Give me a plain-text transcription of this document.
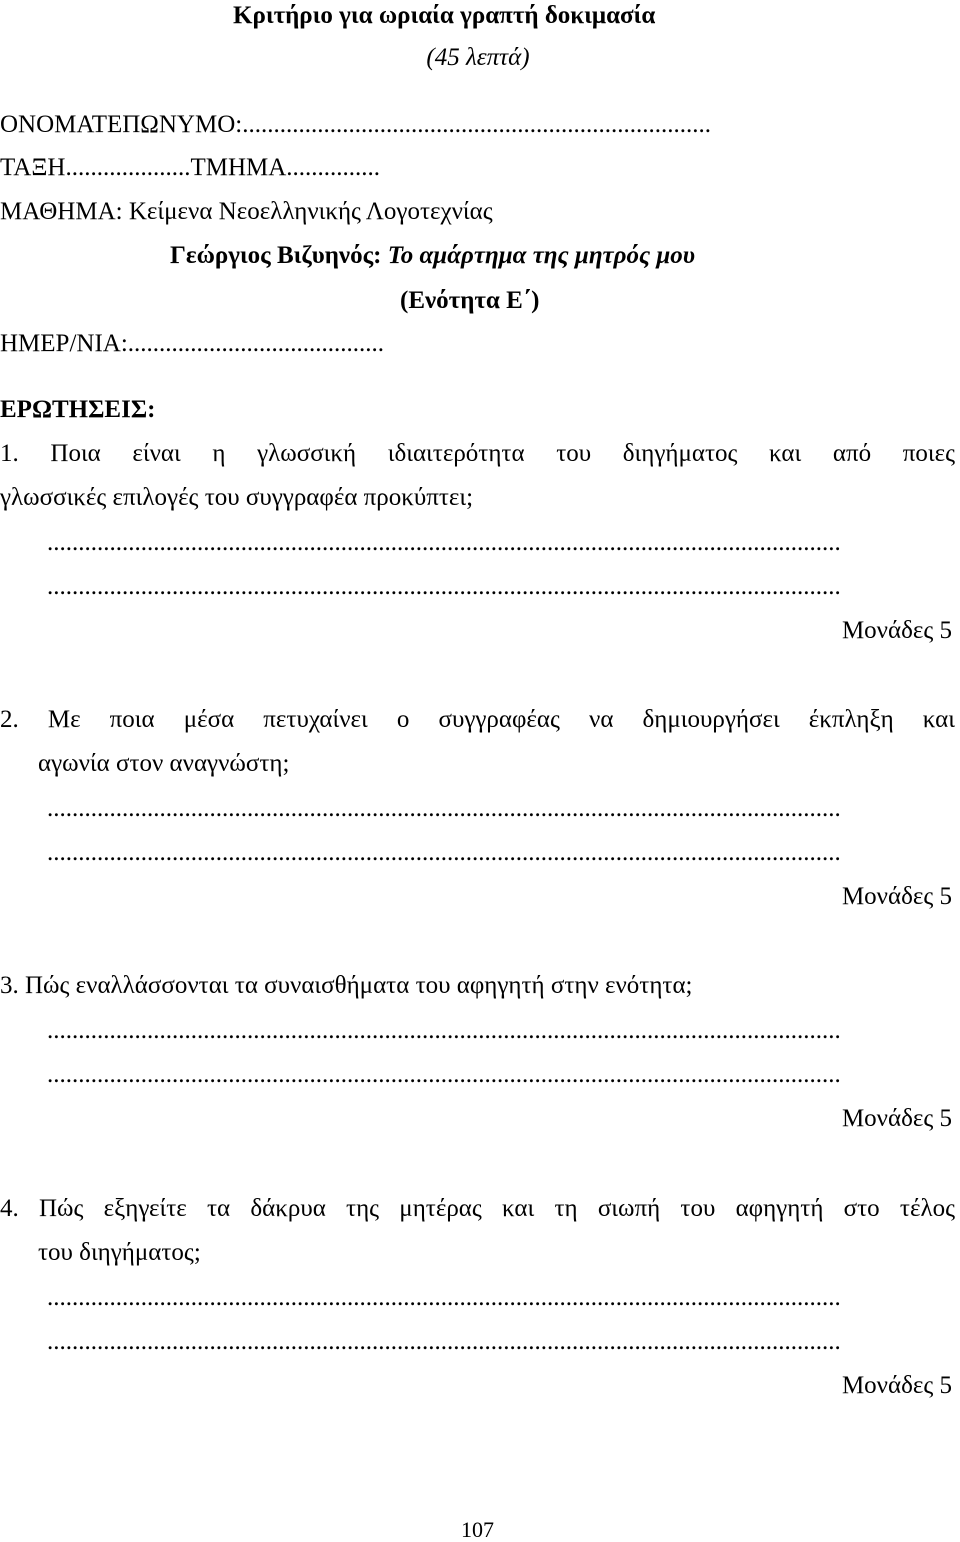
Κριτήριο για ωριαία γραπτή δοκιμασία
(45 λεπτά)
ΟΝΟΜΑΤΕΠΩΝΥΜΟ:...........................................................................
ΤΑΞΗ....................ΤΜΗΜΑ...............
ΜΑΘΗΜΑ: Κείμενα Νεοελληνικής Λογοτεχνίας
Γεώργιος Βιζυηνός: Το αμάρτημα της μητρός μου
(Ενότητα Ε΄)
ΗΜΕΡ/ΝΙΑ:.........................................
ΕΡΩΤΗΣΕΙΣ:
1. Ποια είναι η γλωσσική ιδιαιτερότητα του διηγήματος και από ποιες
γλωσσικές επιλογές του συγγραφέα προκύπτει;
...............................................................................................................................
...............................................................................................................................
Μονάδες 5
2. Με ποια μέσα πετυχαίνει ο συγγραφέας να δημιουργήσει έκπληξη και
αγωνία στον αναγνώστη;
...............................................................................................................................
...............................................................................................................................
Μονάδες 5
3. Πώς εναλλάσσονται τα συναισθήματα του αφηγητή στην ενότητα;
...............................................................................................................................
...............................................................................................................................
Μονάδες 5
4. Πώς εξηγείτε τα δάκρυα της μητέρας και τη σιωπή του αφηγητή στο τέλος
του διηγήματος;
...............................................................................................................................
...............................................................................................................................
Μονάδες 5
107
